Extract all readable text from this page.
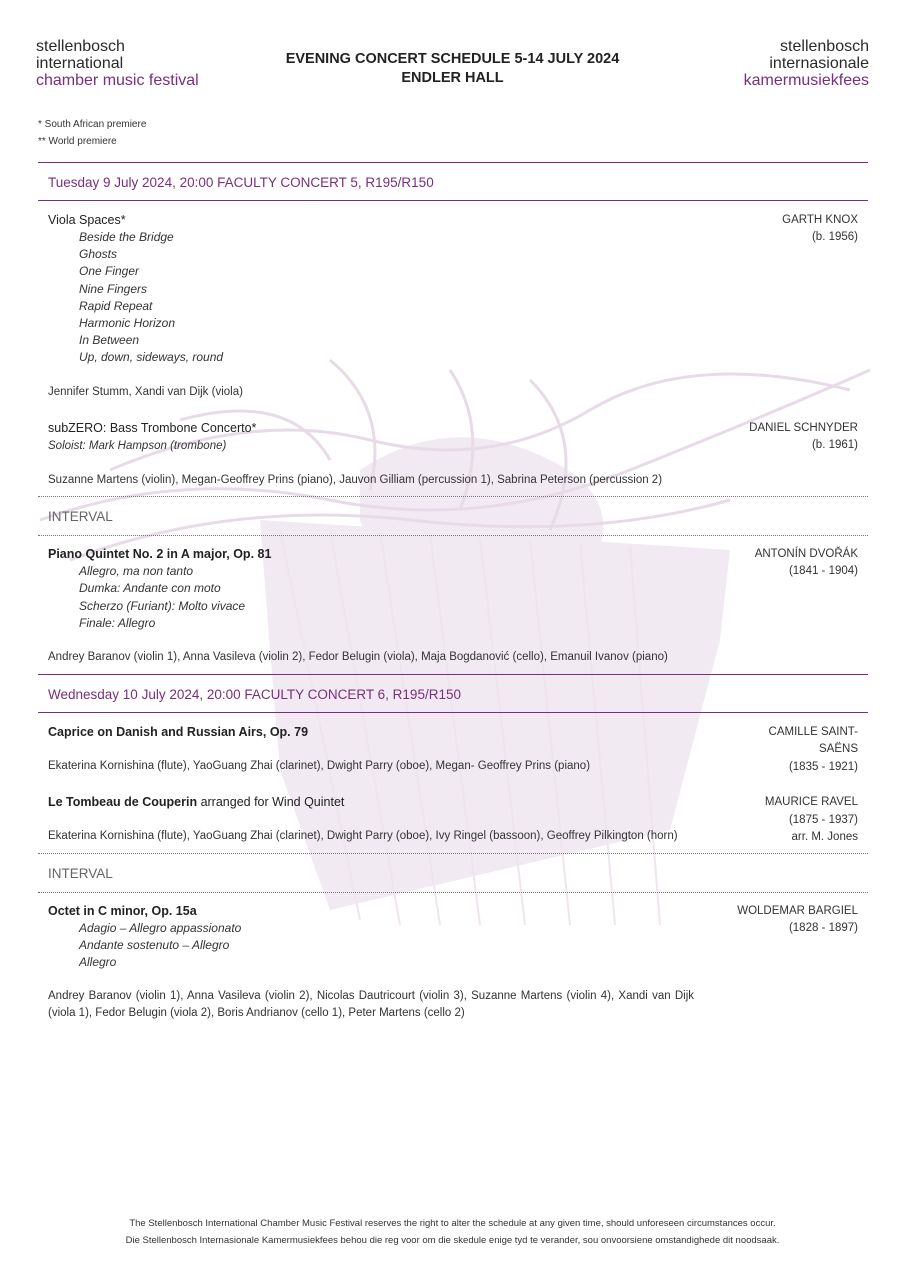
stellenbosch
international
chamber music festival
EVENING CONCERT SCHEDULE 5-14 JULY 2024
ENDLER HALL
stellenbosch
internasionale
kamermusiekfees
* South African premiere
** World premiere
Tuesday 9 July 2024, 20:00 FACULTY CONCERT 5, R195/R150
Viola Spaces*
Beside the Bridge
Ghosts
One Finger
Nine Fingers
Rapid Repeat
Harmonic Horizon
In Between
Up, down, sideways, round
GARTH KNOX
(b. 1956)
Jennifer Stumm, Xandi van Dijk (viola)
subZERO: Bass Trombone Concerto*
Soloist: Mark Hampson (trombone)
DANIEL SCHNYDER
(b. 1961)
Suzanne Martens (violin), Megan-Geoffrey Prins (piano), Jauvon Gilliam (percussion 1), Sabrina Peterson (percussion 2)
INTERVAL
Piano Quintet No. 2 in A major, Op. 81
Allegro, ma non tanto
Dumka: Andante con moto
Scherzo (Furiant): Molto vivace
Finale: Allegro
ANTONÍN DVOŘÁK
(1841 - 1904)
Andrey Baranov (violin 1), Anna Vasileva (violin 2), Fedor Belugin (viola), Maja Bogdanović (cello), Emanuil Ivanov (piano)
Wednesday 10 July 2024, 20:00 FACULTY CONCERT 6, R195/R150
Caprice on Danish and Russian Airs, Op. 79	CAMILLE SAINT-
SAËNS
(1835 - 1921)
Ekaterina Kornishina (flute), YaoGuang Zhai (clarinet), Dwight Parry (oboe), Megan- Geoffrey Prins (piano)
Le Tombeau de Couperin arranged for Wind Quintet	MAURICE RAVEL
(1875 - 1937)
arr. M. Jones
Ekaterina Kornishina (flute), YaoGuang Zhai (clarinet), Dwight Parry (oboe), Ivy Ringel (bassoon), Geoffrey Pilkington (horn)
INTERVAL
Octet in C minor, Op. 15a
Adagio – Allegro appassionato
Andante sostenuto – Allegro
Allegro
WOLDEMAR BARGIEL
(1828 - 1897)
Andrey Baranov (violin 1), Anna Vasileva (violin 2), Nicolas Dautricourt (violin 3), Suzanne Martens (violin 4), Xandi van Dijk (viola 1), Fedor Belugin (viola 2), Boris Andrianov (cello 1), Peter Martens (cello 2)
The Stellenbosch International Chamber Music Festival reserves the right to alter the schedule at any given time, should unforeseen circumstances occur.
Die Stellenbosch Internasionale Kamermusiekfees behou die reg voor om die skedule enige tyd te verander, sou onvoorsiene omstandighede dit noodsaak.
